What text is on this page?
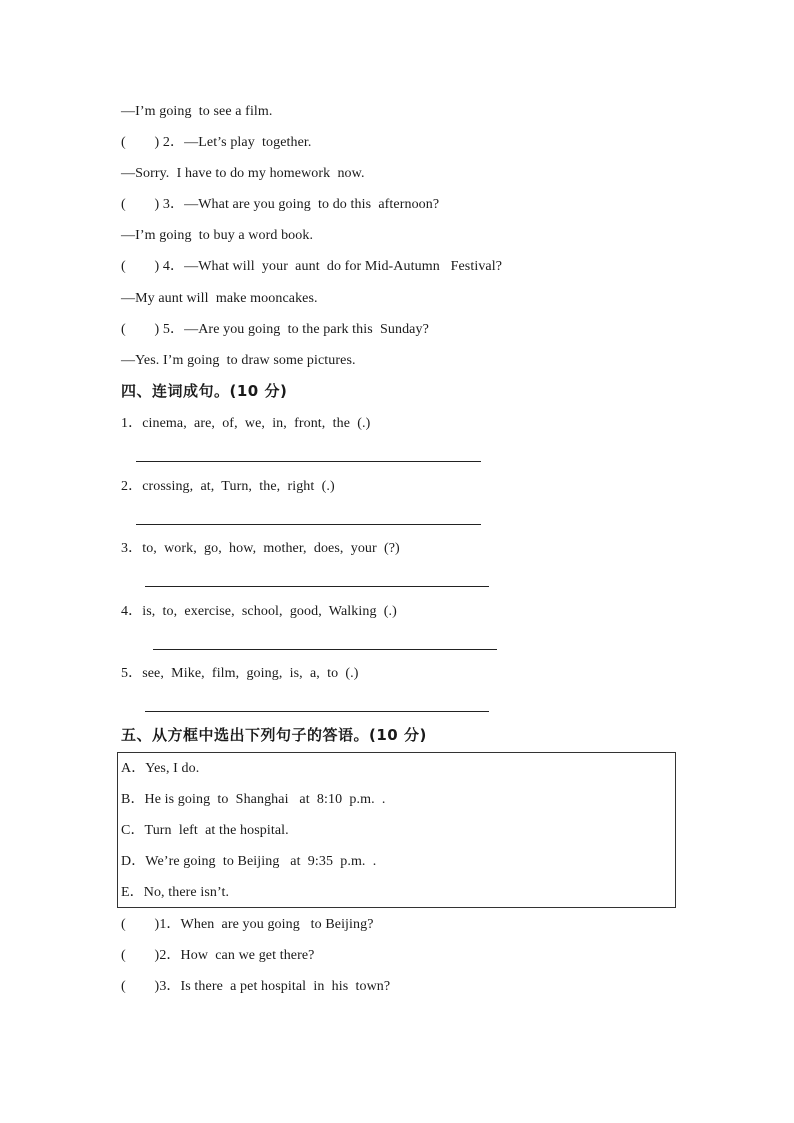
—I’m going  to see a film.
(        ) 2．—Let’s play  together.
—Sorry.  I have to do my homework  now.
(        ) 3．—What are you going  to do this  afternoon?
—I’m going  to buy a word book.
(        ) 4．—What will  your  aunt  do for Mid-Autumn   Festival?
—My aunt will  make mooncakes.
(        ) 5．—Are you going  to the park this  Sunday?
—Yes. I’m going  to draw some pictures.
四、连词成句。(10 分)
1．cinema,  are,  of,  we,  in,  front,  the  (.)
2．crossing,  at,  Turn,  the,  right  (.)
3．to,  work,  go,  how,  mother,  does,  your  (?)
4．is,  to,  exercise,  school,  good,  Walking  (.)
5．see,  Mike,  film,  going,  is,  a,  to  (.)
五、从方框中选出下列句子的答语。(10 分)
A．Yes, I do.
B．He is going  to  Shanghai   at  8:10  p.m.  .
C．Turn  left  at the hospital.
D．We’re going  to Beijing   at  9:35  p.m.  .
E．No, there isn’t.
(        )1．When  are you going   to Beijing?
(        )2．How  can we get there?
(        )3．Is there  a pet hospital  in  his  town?
